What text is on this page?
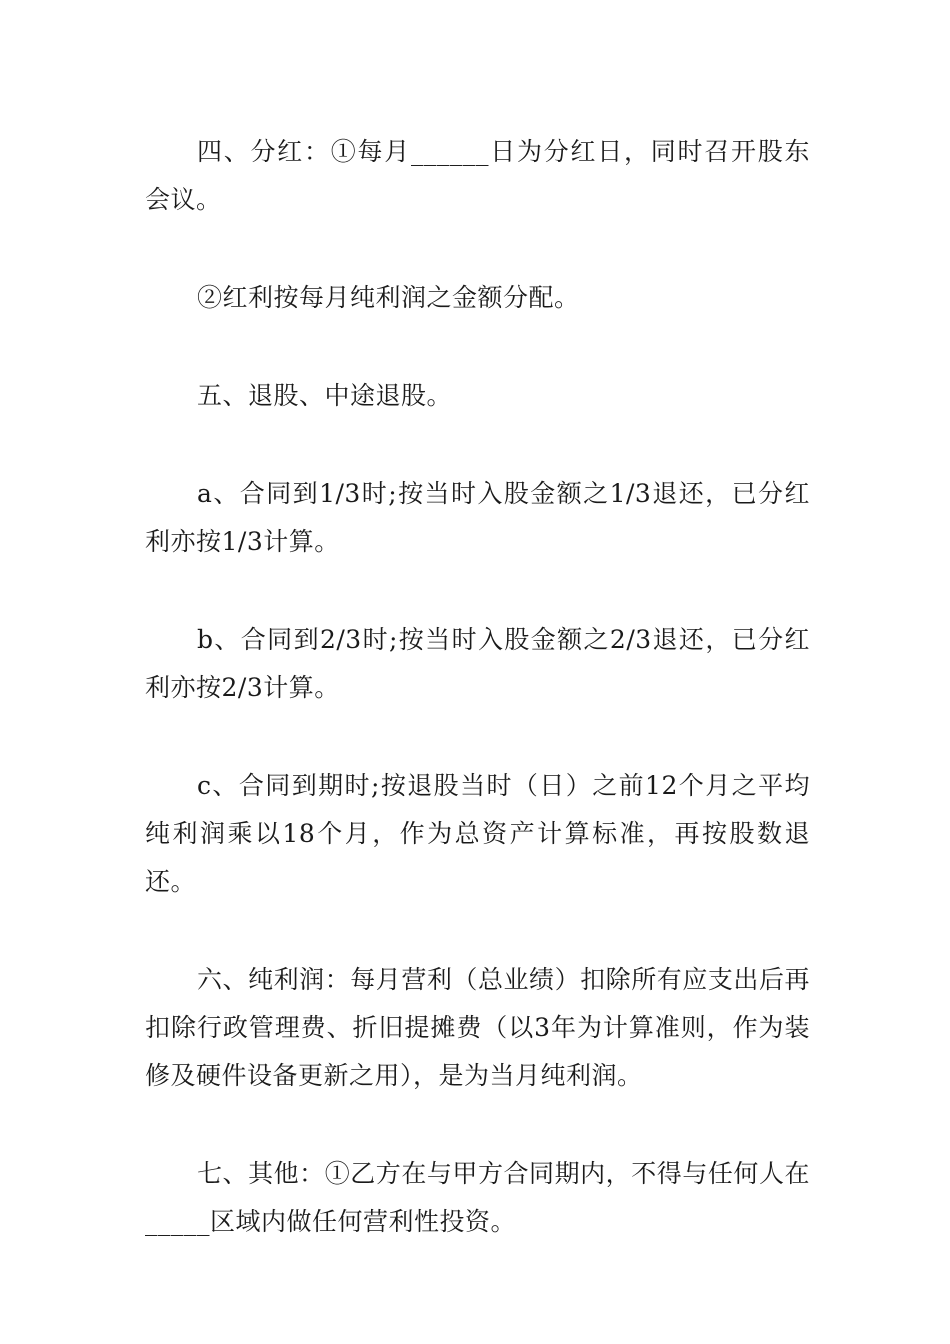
四、分红：①每月______日为分红日，同时召开股东会议。

②红利按每月纯利润之金额分配。

五、退股、中途退股。

a、合同到1/3时;按当时入股金额之1/3退还，已分红利亦按1/3计算。

b、合同到2/3时;按当时入股金额之2/3退还，已分红利亦按2/3计算。

c、合同到期时;按退股当时（日）之前12个月之平均纯利润乘以18个月，作为总资产计算标准，再按股数退还。

六、纯利润：每月营利（总业绩）扣除所有应支出后再扣除行政管理费、折旧提摊费（以3年为计算准则，作为装修及硬件设备更新之用），是为当月纯利润。

七、其他：①乙方在与甲方合同期内，不得与任何人在_____区域内做任何营利性投资。
